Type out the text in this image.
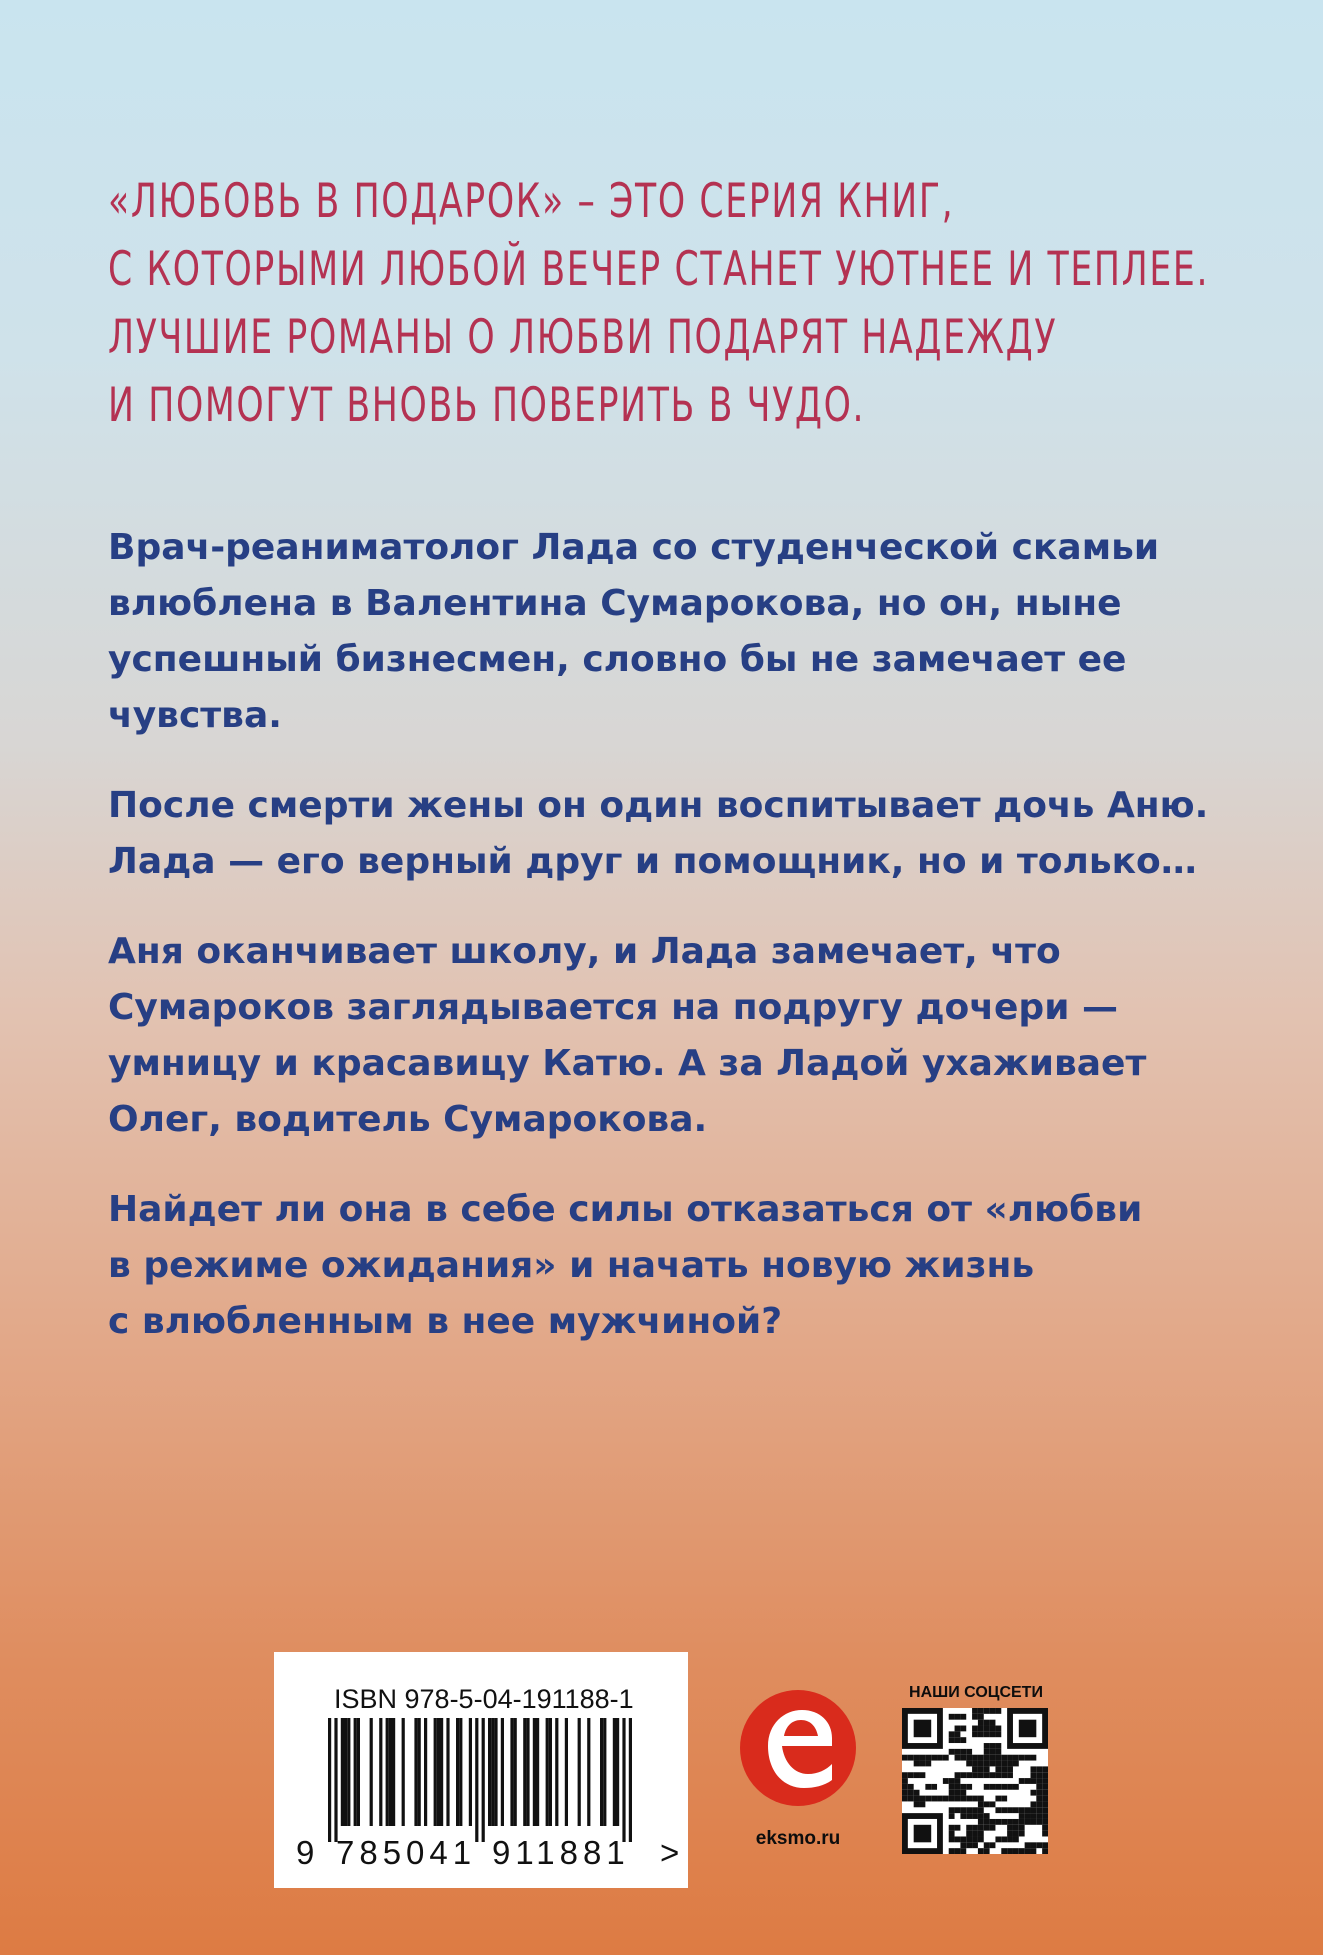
«ЛЮБОВЬ В ПОДАРОК» – ЭТО СЕРИЯ КНИГ,
С КОТОРЫМИ ЛЮБОЙ ВЕЧЕР СТАНЕТ УЮТНЕЕ И ТЕПЛЕЕ.
ЛУЧШИЕ РОМАНЫ О ЛЮБВИ ПОДАРЯТ НАДЕЖДУ
И ПОМОГУТ ВНОВЬ ПОВЕРИТЬ В ЧУДО.

Врач-реаниматолог Лада со студенческой скамьи
влюблена в Валентина Сумарокова, но он, ныне
успешный бизнесмен, словно бы не замечает ее
чувства.

После смерти жены он один воспитывает дочь Аню.
Лада — его верный друг и помощник, но и только…

Аня оканчивает школу, и Лада замечает, что
Сумароков заглядывается на подругу дочери —
умницу и красавицу Катю. А за Ладой ухаживает
Олег, водитель Сумарокова.

Найдет ли она в себе силы отказаться от «любви
в режиме ожидания» и начать новую жизнь
с влюбленным в нее мужчиной?

ISBN 978-5-04-191188-1
9 785041 911881 >	eksmo.ru
НАШИ СОЦСЕТИ
